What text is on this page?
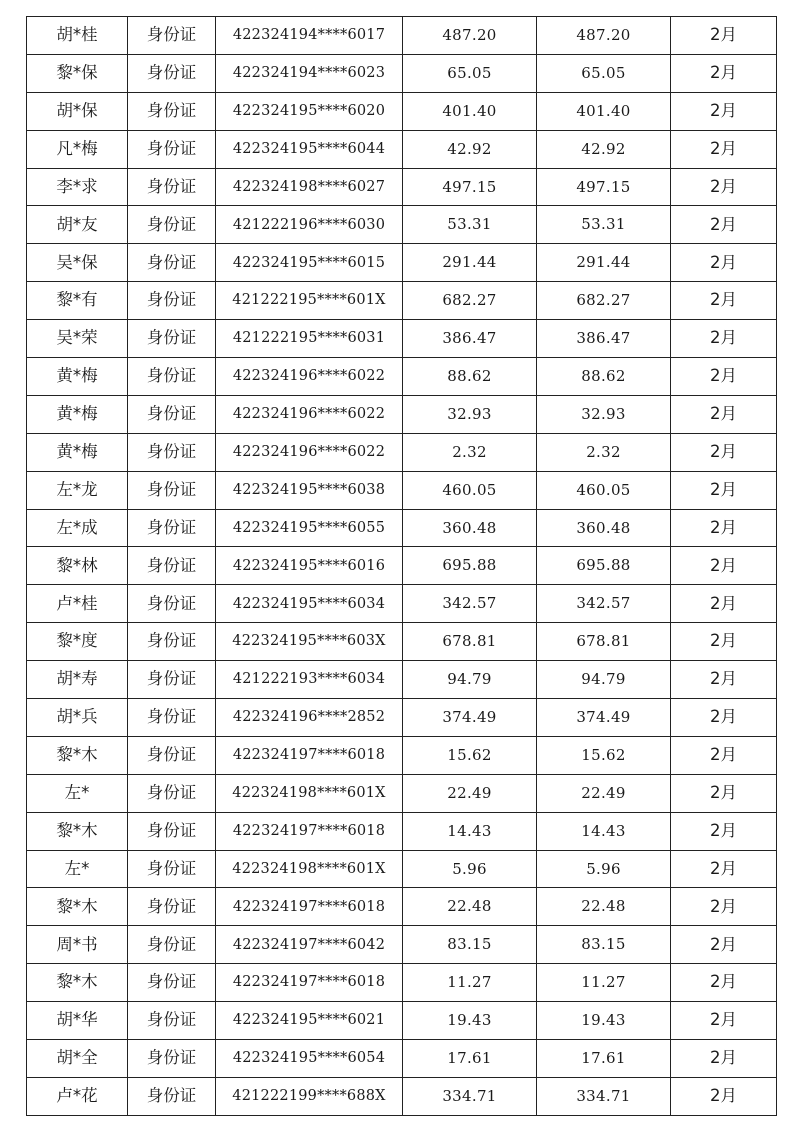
胡*桂	身份证	422324194****6017	487.20	487.20	2月
黎*保	身份证	422324194****6023	65.05	65.05	2月
胡*保	身份证	422324195****6020	401.40	401.40	2月
凡*梅	身份证	422324195****6044	42.92	42.92	2月
李*求	身份证	422324198****6027	497.15	497.15	2月
胡*友	身份证	421222196****6030	53.31	53.31	2月
吴*保	身份证	422324195****6015	291.44	291.44	2月
黎*有	身份证	421222195****601X	682.27	682.27	2月
吴*荣	身份证	421222195****6031	386.47	386.47	2月
黄*梅	身份证	422324196****6022	88.62	88.62	2月
黄*梅	身份证	422324196****6022	32.93	32.93	2月
黄*梅	身份证	422324196****6022	2.32	2.32	2月
左*龙	身份证	422324195****6038	460.05	460.05	2月
左*成	身份证	422324195****6055	360.48	360.48	2月
黎*林	身份证	422324195****6016	695.88	695.88	2月
卢*桂	身份证	422324195****6034	342.57	342.57	2月
黎*度	身份证	422324195****603X	678.81	678.81	2月
胡*寿	身份证	421222193****6034	94.79	94.79	2月
胡*兵	身份证	422324196****2852	374.49	374.49	2月
黎*木	身份证	422324197****6018	15.62	15.62	2月
左*	身份证	422324198****601X	22.49	22.49	2月
黎*木	身份证	422324197****6018	14.43	14.43	2月
左*	身份证	422324198****601X	5.96	5.96	2月
黎*木	身份证	422324197****6018	22.48	22.48	2月
周*书	身份证	422324197****6042	83.15	83.15	2月
黎*木	身份证	422324197****6018	11.27	11.27	2月
胡*华	身份证	422324195****6021	19.43	19.43	2月
胡*全	身份证	422324195****6054	17.61	17.61	2月
卢*花	身份证	421222199****688X	334.71	334.71	2月
